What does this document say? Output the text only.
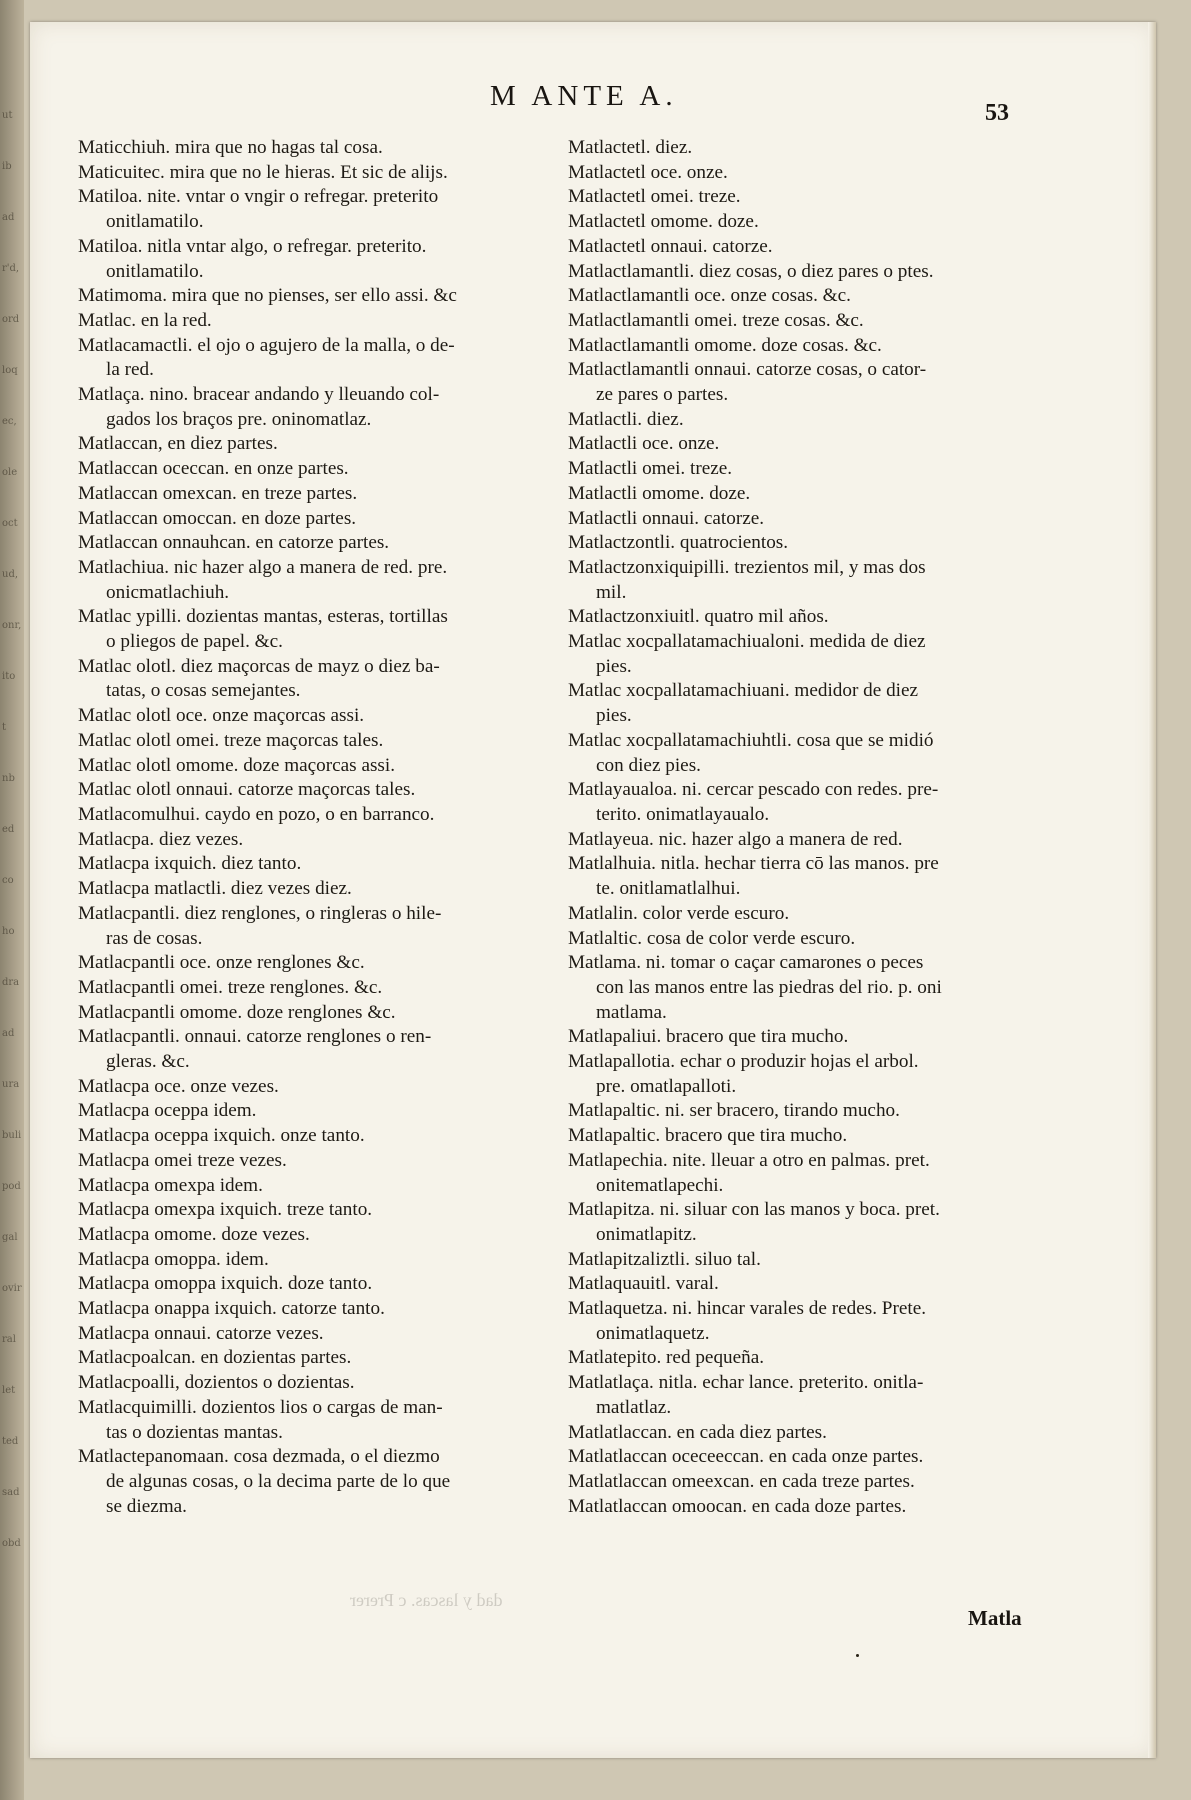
ut
ib
ad
r'd,
ord
loq
ec,
ole
oct
ud,
onr,
ito
t
nb
ed
co
ho
dra
ad
ura
buli
pod
gal
ovir
ral
let
ted
sad
obd
M ANTE A.
53
Maticchiuh. mira que no hagas tal cosa.
Maticuitec. mira que no le hieras. Et sic de alijs.
Matiloa. nite. vntar o vngir o refregar. preterito
onitlamatilo.
Matiloa. nitla vntar algo, o refregar. preterito.
onitlamatilo.
Matimoma. mira que no pienses, ser ello assi. &c
Matlac. en la red.
Matlacamactli. el ojo o agujero de la malla, o de-
la red.
Matlaça. nino. bracear andando y lleuando col-
gados los braços pre. oninomatlaz.
Matlaccan, en diez partes.
Matlaccan oceccan. en onze partes.
Matlaccan omexcan. en treze partes.
Matlaccan omoccan. en doze partes.
Matlaccan onnauhcan. en catorze partes.
Matlachiua. nic hazer algo a manera de red. pre.
onicmatlachiuh.
Matlac ypilli. dozientas mantas, esteras, tortillas
o pliegos de papel. &c.
Matlac olotl. diez maçorcas de mayz o diez ba-
tatas, o cosas semejantes.
Matlac olotl oce. onze maçorcas assi.
Matlac olotl omei. treze maçorcas tales.
Matlac olotl omome. doze maçorcas assi.
Matlac olotl onnaui. catorze maçorcas tales.
Matlacomulhui. caydo en pozo, o en barranco.
Matlacpa. diez vezes.
Matlacpa ixquich. diez tanto.
Matlacpa matlactli. diez vezes diez.
Matlacpantli. diez renglones, o ringleras o hile-
ras de cosas.
Matlacpantli oce. onze renglones &c.
Matlacpantli omei. treze renglones. &c.
Matlacpantli omome. doze renglones &c.
Matlacpantli. onnaui. catorze renglones o ren-
gleras. &c.
Matlacpa oce. onze vezes.
Matlacpa oceppa idem.
Matlacpa oceppa ixquich. onze tanto.
Matlacpa omei treze vezes.
Matlacpa omexpa idem.
Matlacpa omexpa ixquich. treze tanto.
Matlacpa omome. doze vezes.
Matlacpa omoppa. idem.
Matlacpa omoppa ixquich. doze tanto.
Matlacpa onappa ixquich. catorze tanto.
Matlacpa onnaui. catorze vezes.
Matlacpoalcan. en dozientas partes.
Matlacpoalli, dozientos o dozientas.
Matlacquimilli. dozientos lios o cargas de man-
tas o dozientas mantas.
Matlactepanomaan. cosa dezmada, o el diezmo
de algunas cosas, o la decima parte de lo que
se diezma.
Matlactetl. diez.
Matlactetl oce. onze.
Matlactetl omei. treze.
Matlactetl omome. doze.
Matlactetl onnaui. catorze.
Matlactlamantli. diez cosas, o diez pares o ptes.
Matlactlamantli oce. onze cosas. &c.
Matlactlamantli omei. treze cosas. &c.
Matlactlamantli omome. doze cosas. &c.
Matlactlamantli onnaui. catorze cosas, o cator-
ze pares o partes.
Matlactli. diez.
Matlactli oce. onze.
Matlactli omei. treze.
Matlactli omome. doze.
Matlactli onnaui. catorze.
Matlactzontli. quatrocientos.
Matlactzonxiquipilli. trezientos mil, y mas dos
mil.
Matlactzonxiuitl. quatro mil años.
Matlac xocpallatamachiualoni. medida de diez
pies.
Matlac xocpallatamachiuani. medidor de diez
pies.
Matlac xocpallatamachiuhtli. cosa que se midió
con diez pies.
Matlayaualoa. ni. cercar pescado con redes. pre-
terito. onimatlayaualo.
Matlayeua. nic. hazer algo a manera de red.
Matlalhuia. nitla. hechar tierra cō las manos. pre
te. onitlamatlalhui.
Matlalin. color verde escuro.
Matlaltic. cosa de color verde escuro.
Matlama. ni. tomar o caçar camarones o peces
con las manos entre las piedras del rio. p. oni
matlama.
Matlapaliui. bracero que tira mucho.
Matlapallotia. echar o produzir hojas el arbol.
pre. omatlapalloti.
Matlapaltic. ni. ser bracero, tirando mucho.
Matlapaltic. bracero que tira mucho.
Matlapechia. nite. lleuar a otro en palmas. pret.
onitematlapechi.
Matlapitza. ni. siluar con las manos y boca. pret.
onimatlapitz.
Matlapitzaliztli. siluo tal.
Matlaquauitl. varal.
Matlaquetza. ni. hincar varales de redes. Prete.
onimatlaquetz.
Matlatepito. red pequeña.
Matlatlaça. nitla. echar lance. preterito. onitla-
matlatlaz.
Matlatlaccan. en cada diez partes.
Matlatlaccan oceceeccan. en cada onze partes.
Matlatlaccan omeexcan. en cada treze partes.
Matlatlaccan omoocan. en cada doze partes.
Matla
dad y lascas. c Prerer
